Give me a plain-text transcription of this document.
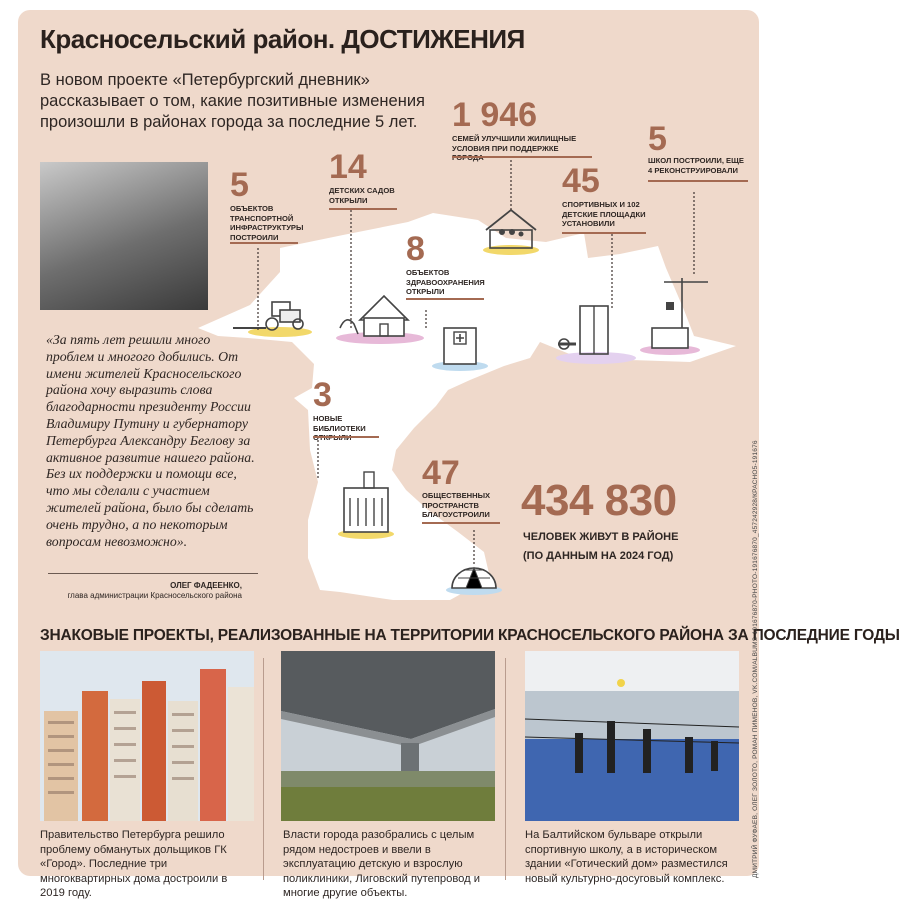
Красносельский район. ДОСТИЖЕНИЯ
В новом проекте «Петербургский дневник» рассказывает о том, какие позитивные изменения произошли в районах города за последние 5 лет.
5
ОБЪЕКТОВ ТРАНСПОРТНОЙ ИНФРАСТРУКТУРЫ ПОСТРОИЛИ
14
ДЕТСКИХ САДОВ ОТКРЫЛИ
1 946
СЕМЕЙ УЛУЧШИЛИ ЖИЛИЩНЫЕ УСЛОВИЯ ПРИ ПОДДЕРЖКЕ
45
СПОРТИВНЫХ И 102 ДЕТСКИЕ ПЛОЩАДКИ УСТАНОВИЛИ
5
ШКОЛ ПОСТРОИЛИ, ЕЩЕ 4 РЕКОНСТРУИРОВАЛИ
8
ОБЪЕКТОВ ЗДРАВООХРАНЕНИЯ ОТКРЫЛИ
3
НОВЫЕ БИБЛИОТЕКИ
47
ОБЩЕСТВЕННЫХ ПРОСТРАНСТВ БЛАГОУСТРОИЛИ 434 830
ЧЕЛОВЕК ЖИВУТ В РАЙОНЕ
(ПО ДАННЫМ НА 2024 ГОД)
«За пять лет решили много проблем и многого добились. От имени жителей Красносельского района хочу выразить слова благодарности президенту России Владимиру Путину и губернатору Петербурга Александру Беглову за активное развитие нашего района. Без их поддержки и помощи все, что мы сделали с участием жителей района, было бы сделать очень трудно, а по некоторым вопросам невозможно».
ОЛЕГ ФАДЕЕНКО,
глава администрации Красносельского района
ЗНАКОВЫЕ ПРОЕКТЫ, РЕАЛИЗОВАННЫЕ НА ТЕРРИТОРИИ КРАСНОСЕЛЬСКОГО РАЙОНА ЗА ПОСЛЕДНИЕ ГОДЫ
Правительство Петербурга решило проблему обманутых дольщиков ГК «Город». Последние три многоквартирных дома достроили в 2019 году.
Власти города разобрались с целым рядом недостроев и ввели в эксплуатацию детскую и взрослую поликлиники, Лиговский путепровод и многие другие объекты.
На Балтийском бульваре открыли спортивную школу, а в историческом здании «Готический дом» разместился новый культурно-досуговый комплекс.
ДМИТРИЙ ФУФАЕВ, ОЛЕГ ЗОЛОТО, РОМАН ПИМЕНОВ, VK.COM/ALBUMS-191676870-PHOTO-191676870_457242928/КРАСНО5-191676
